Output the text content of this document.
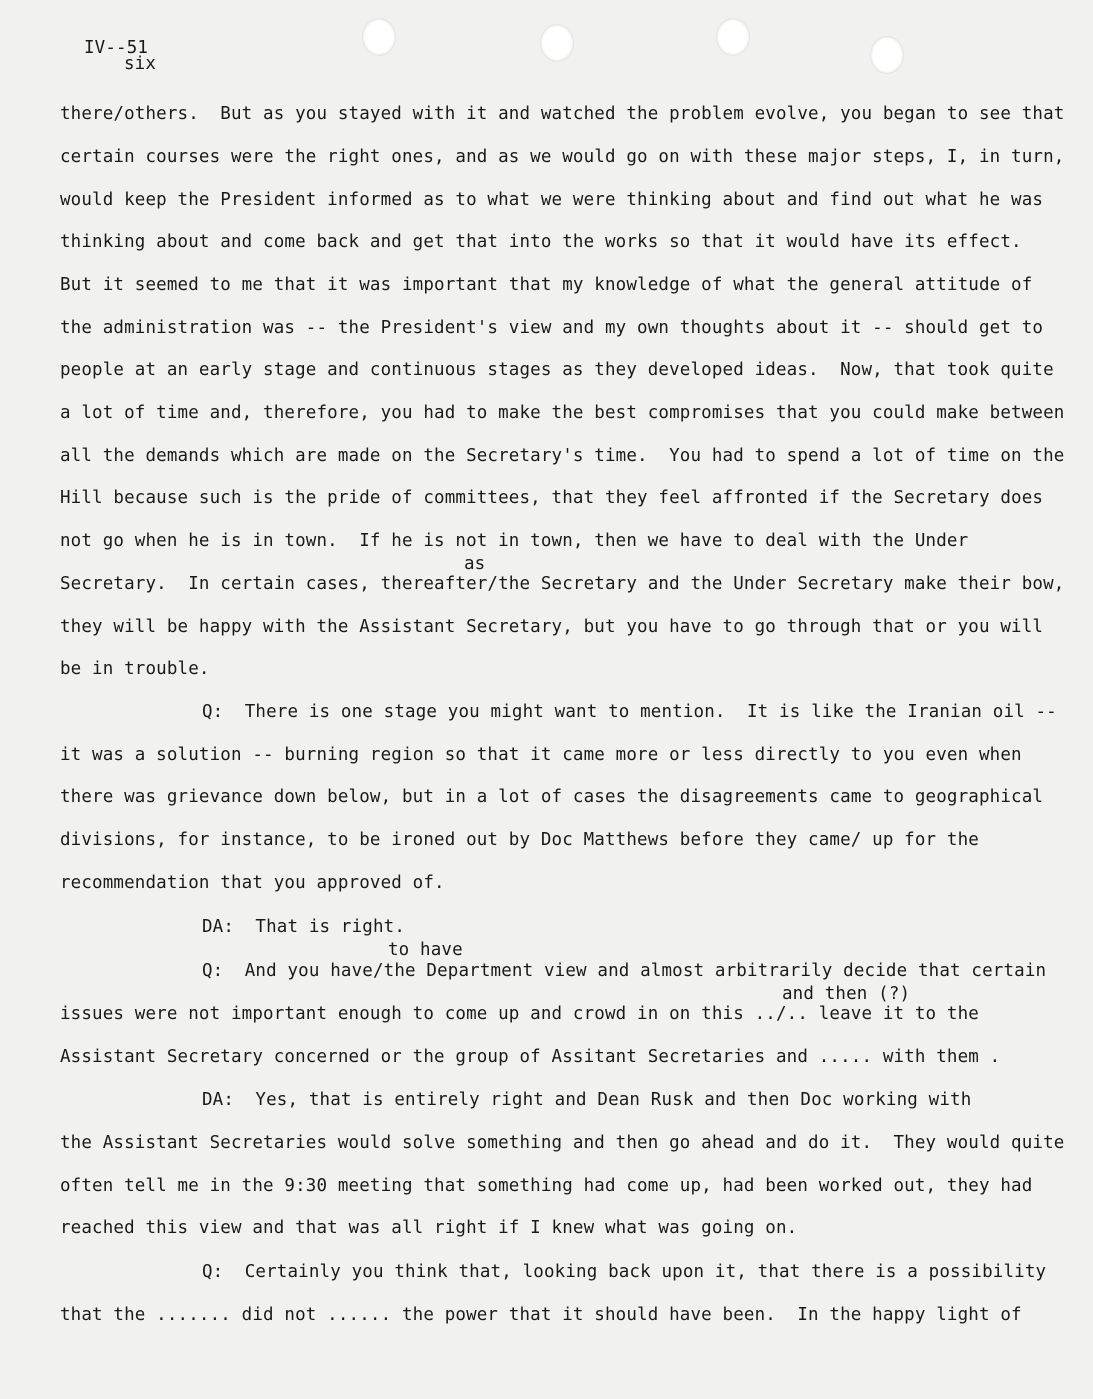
IV--51
six
there/others.  But as you stayed with it and watched the problem evolve, you began to see that
certain courses were the right ones, and as we would go on with these major steps, I, in turn,
would keep the President informed as to what we were thinking about and find out what he was
thinking about and come back and get that into the works so that it would have its effect.
But it seemed to me that it was important that my knowledge of what the general attitude of
the administration was -- the President's view and my own thoughts about it -- should get to
people at an early stage and continuous stages as they developed ideas.  Now, that took quite
a lot of time and, therefore, you had to make the best compromises that you could make between
all the demands which are made on the Secretary's time.  You had to spend a lot of time on the
Hill because such is the pride of committees, that they feel affronted if the Secretary does
not go when he is in town.  If he is not in town, then we have to deal with the Under
as
Secretary.  In certain cases, thereafter/the Secretary and the Under Secretary make their bow,
they will be happy with the Assistant Secretary, but you have to go through that or you will
be in trouble.
Q:  There is one stage you might want to mention.  It is like the Iranian oil --
it was a solution -- burning region so that it came more or less directly to you even when
there was grievance down below, but in a lot of cases the disagreements came to geographical
divisions, for instance, to be ironed out by Doc Matthews before they came/ up for the
recommendation that you approved of.
DA:  That is right.
to have
Q:  And you have/the Department view and almost arbitrarily decide that certain
and then (?)
issues were not important enough to come up and crowd in on this ../.. leave it to the
Assistant Secretary concerned or the group of Assitant Secretaries and ..... with them .
DA:  Yes, that is entirely right and Dean Rusk and then Doc working with
the Assistant Secretaries would solve something and then go ahead and do it.  They would quite
often tell me in the 9:30 meeting that something had come up, had been worked out, they had
reached this view and that was all right if I knew what was going on.
Q:  Certainly you think that, looking back upon it, that there is a possibility
that the ....... did not ...... the power that it should have been.  In the happy light of
